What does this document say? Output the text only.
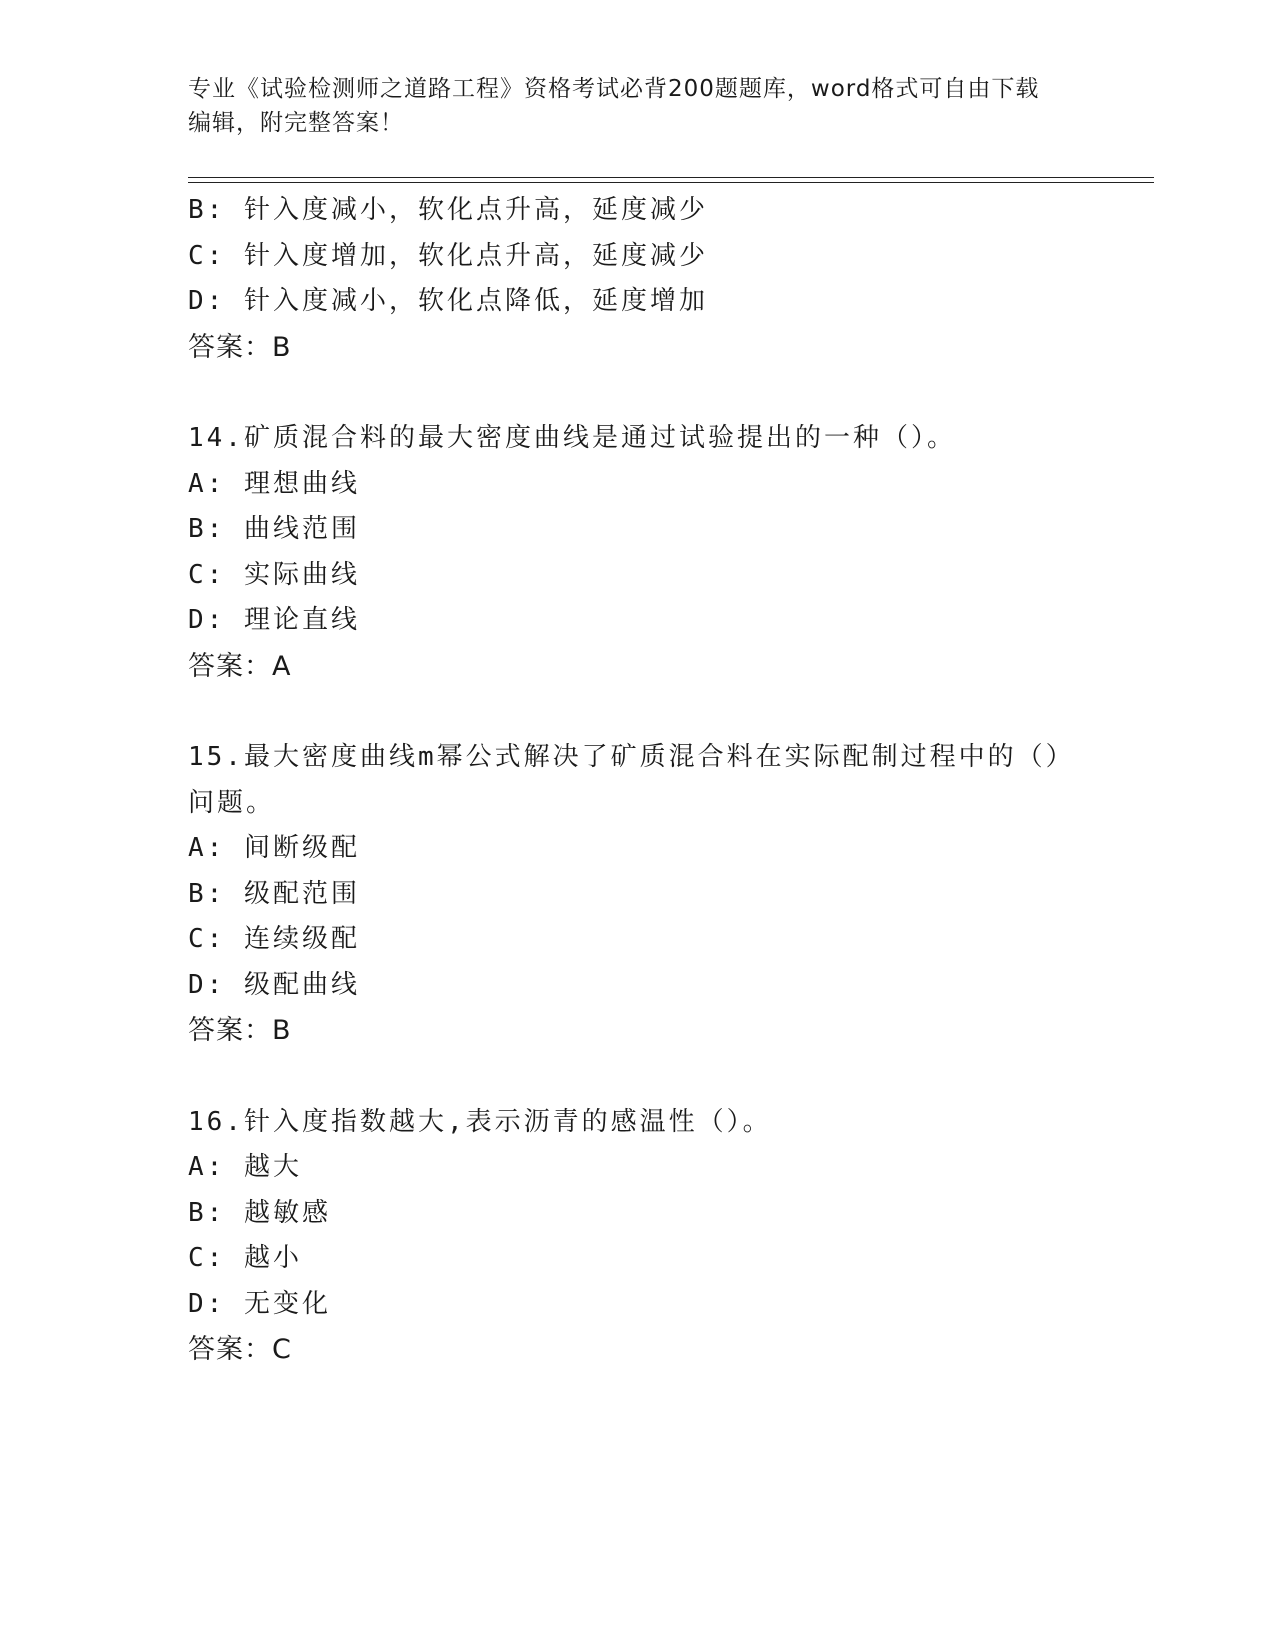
专业《试验检测师之道路工程》资格考试必背200题题库，word格式可自由下载
编辑，附完整答案！
B: 针入度减小，软化点升高，延度减少
C: 针入度增加，软化点升高，延度减少
D: 针入度减小，软化点降低，延度增加
答案：B
14.矿质混合料的最大密度曲线是通过试验提出的一种（）。
A: 理想曲线
B: 曲线范围
C: 实际曲线
D: 理论直线
答案：A
15.最大密度曲线m幂公式解决了矿质混合料在实际配制过程中的（）
问题。
A: 间断级配
B: 级配范围
C: 连续级配
D: 级配曲线
答案：B
16.针入度指数越大,表示沥青的感温性（）。
A: 越大
B: 越敏感
C: 越小
D: 无变化
答案：C
